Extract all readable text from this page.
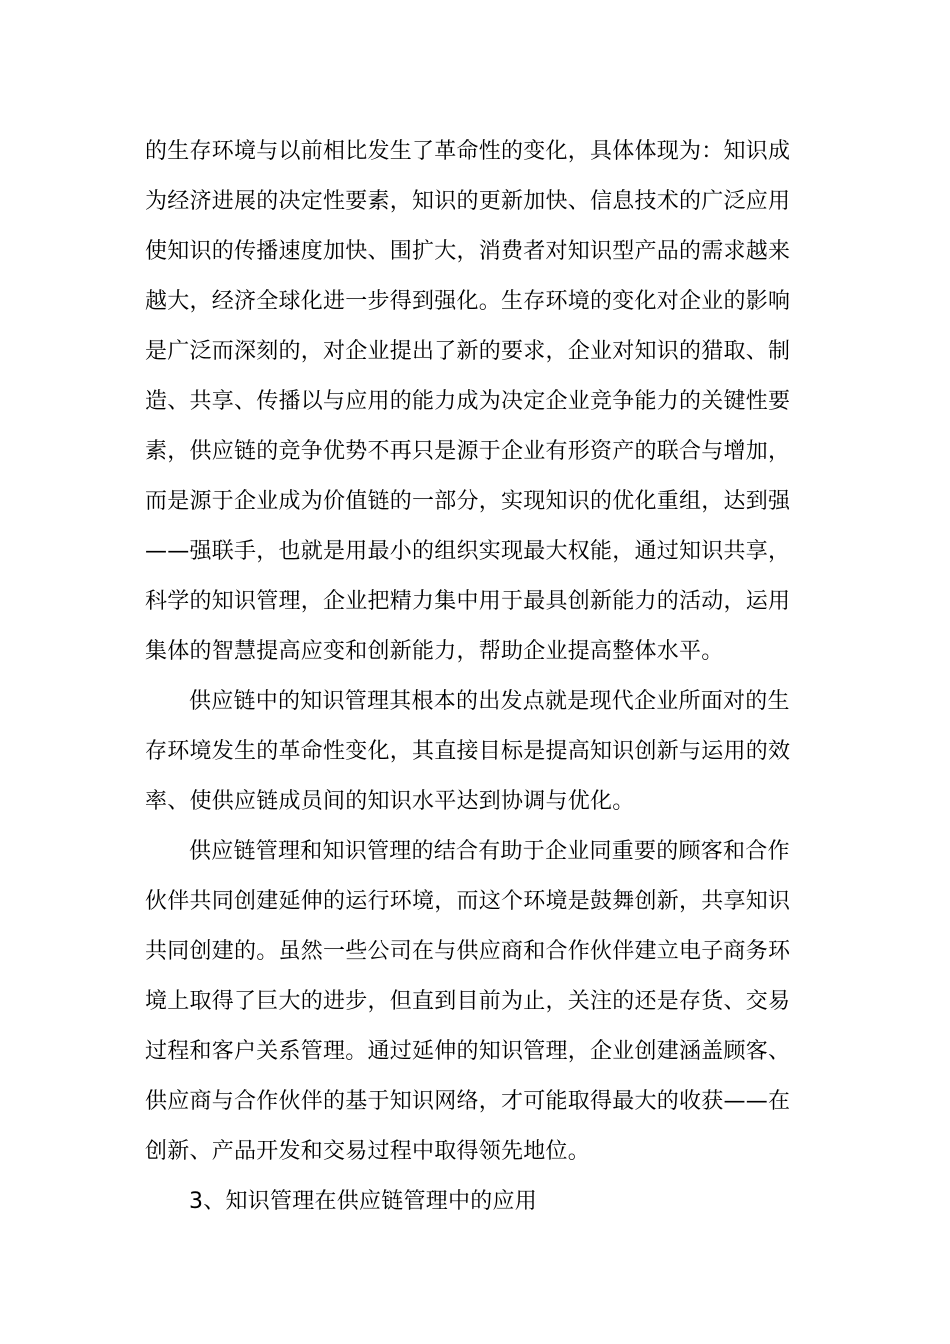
的生存环境与以前相比发生了革命性的变化，具体体现为：知识成
为经济进展的决定性要素，知识的更新加快、信息技术的广泛应用
使知识的传播速度加快、围扩大，消费者对知识型产品的需求越来
越大，经济全球化进一步得到强化。生存环境的变化对企业的影响
是广泛而深刻的，对企业提出了新的要求，企业对知识的猎取、制
造、共享、传播以与应用的能力成为决定企业竞争能力的关键性要
素，供应链的竞争优势不再只是源于企业有形资产的联合与增加，
而是源于企业成为价值链的一部分，实现知识的优化重组，达到强
——强联手，也就是用最小的组织实现最大权能，通过知识共享，
科学的知识管理，企业把精力集中用于最具创新能力的活动，运用
集体的智慧提高应变和创新能力，帮助企业提高整体水平。
供应链中的知识管理其根本的出发点就是现代企业所面对的生
存环境发生的革命性变化，其直接目标是提高知识创新与运用的效
率、使供应链成员间的知识水平达到协调与优化。
供应链管理和知识管理的结合有助于企业同重要的顾客和合作
伙伴共同创建延伸的运行环境，而这个环境是鼓舞创新，共享知识
共同创建的。虽然一些公司在与供应商和合作伙伴建立电子商务环
境上取得了巨大的进步，但直到目前为止，关注的还是存货、交易
过程和客户关系管理。通过延伸的知识管理，企业创建涵盖顾客、
供应商与合作伙伴的基于知识网络，才可能取得最大的收获——在
创新、产品开发和交易过程中取得领先地位。
3、知识管理在供应链管理中的应用
